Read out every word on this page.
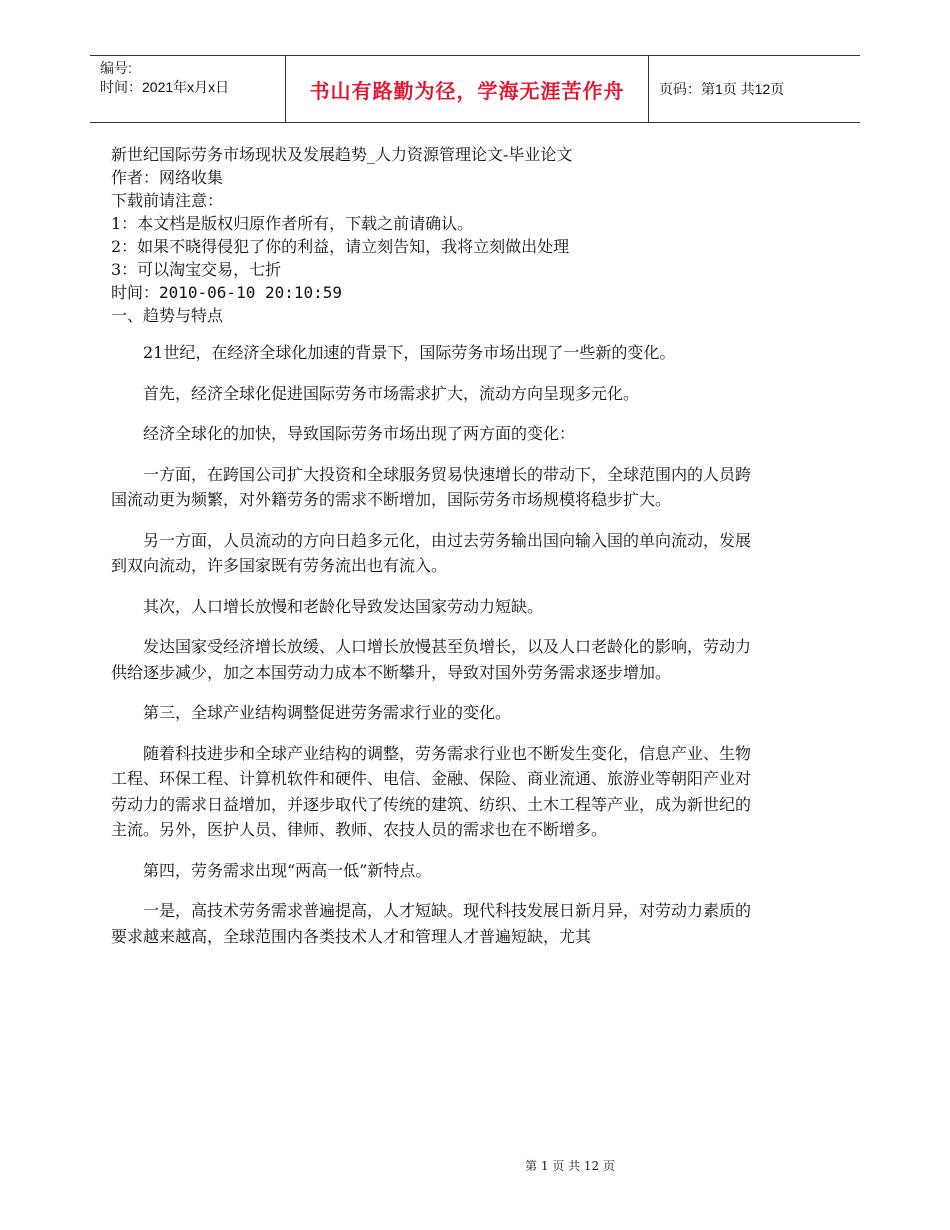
编号:
时间：2021年x月x日	书山有路勤为径，学海无涯苦作舟 页码：第1页 共12页

新世纪国际劳务市场现状及发展趋势_人力资源管理论文-毕业论文

作者：网络收集

下载前请注意：

1：本文档是版权归原作者所有，下载之前请确认。

2：如果不晓得侵犯了你的利益，请立刻告知，我将立刻做出处理

3：可以淘宝交易，七折

时间：2010-06-10 20:10:59

一、趋势与特点

21世纪，在经济全球化加速的背景下，国际劳务市场出现了一些新的变化。

首先，经济全球化促进国际劳务市场需求扩大，流动方向呈现多元化。

经济全球化的加快，导致国际劳务市场出现了两方面的变化：

一方面，在跨国公司扩大投资和全球服务贸易快速增长的带动下，全球范围内的人员跨国流动更为频繁，对外籍劳务的需求不断增加，国际劳务市场规模将稳步扩大。

另一方面，人员流动的方向日趋多元化，由过去劳务输出国向输入国的单向流动，发展到双向流动，许多国家既有劳务流出也有流入。

其次，人口增长放慢和老龄化导致发达国家劳动力短缺。

发达国家受经济增长放缓、人口增长放慢甚至负增长，以及人口老龄化的影响，劳动力供给逐步减少，加之本国劳动力成本不断攀升，导致对国外劳务需求逐步增加。

第三，全球产业结构调整促进劳务需求行业的变化。

随着科技进步和全球产业结构的调整，劳务需求行业也不断发生变化，信息产业、生物工程、环保工程、计算机软件和硬件、电信、金融、保险、商业流通、旅游业等朝阳产业对劳动力的需求日益增加，并逐步取代了传统的建筑、纺织、土木工程等产业，成为新世纪的主流。另外，医护人员、律师、教师、农技人员的需求也在不断增多。

第四，劳务需求出现“两高一低”新特点。

一是，高技术劳务需求普遍提高，人才短缺。现代科技发展日新月异，对劳动力素质的要求越来越高，全球范围内各类技术人才和管理人才普遍短缺，尤其

第 1 页 共 12 页
